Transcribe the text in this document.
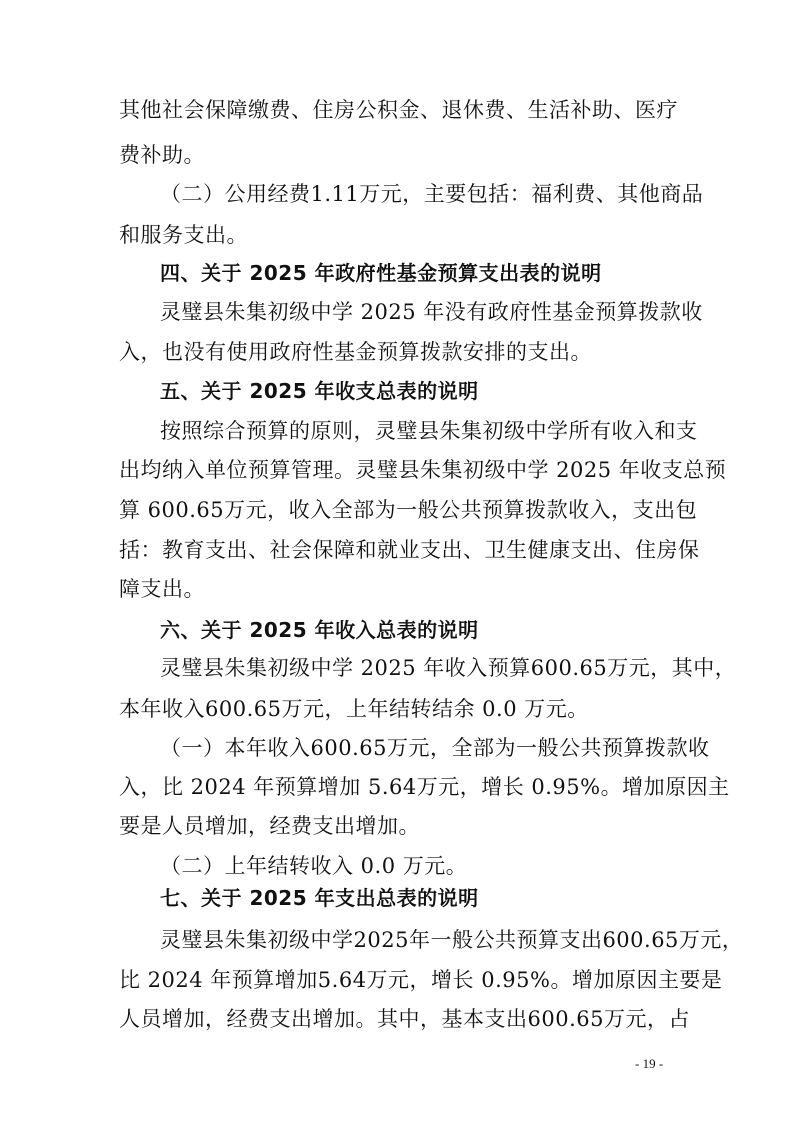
其他社会保障缴费、住房公积金、退休费、生活补助、医疗
费补助。
（二）公用经费1.11万元，主要包括：福利费、其他商品
和服务支出。
四、关于 2025 年政府性基金预算支出表的说明
灵璧县朱集初级中学 2025 年没有政府性基金预算拨款收
入，也没有使用政府性基金预算拨款安排的支出。
五、关于 2025 年收支总表的说明
按照综合预算的原则，灵璧县朱集初级中学所有收入和支
出均纳入单位预算管理。灵璧县朱集初级中学 2025 年收支总预
算 600.65万元，收入全部为一般公共预算拨款收入，支出包
括：教育支出、社会保障和就业支出、卫生健康支出、住房保
障支出。
六、关于 2025 年收入总表的说明
灵璧县朱集初级中学 2025 年收入预算600.65万元，其中，
本年收入600.65万元，上年结转结余 0.0 万元。
（一）本年收入600.65万元，全部为一般公共预算拨款收
入，比 2024 年预算增加 5.64万元，增长 0.95%。增加原因主
要是人员增加，经费支出增加。
（二）上年结转收入 0.0 万元。
七、关于 2025 年支出总表的说明
灵璧县朱集初级中学2025年一般公共预算支出600.65万元，
比 2024 年预算增加5.64万元，增长 0.95%。增加原因主要是
人员增加，经费支出增加。其中，基本支出600.65万元，占
- 19 -
